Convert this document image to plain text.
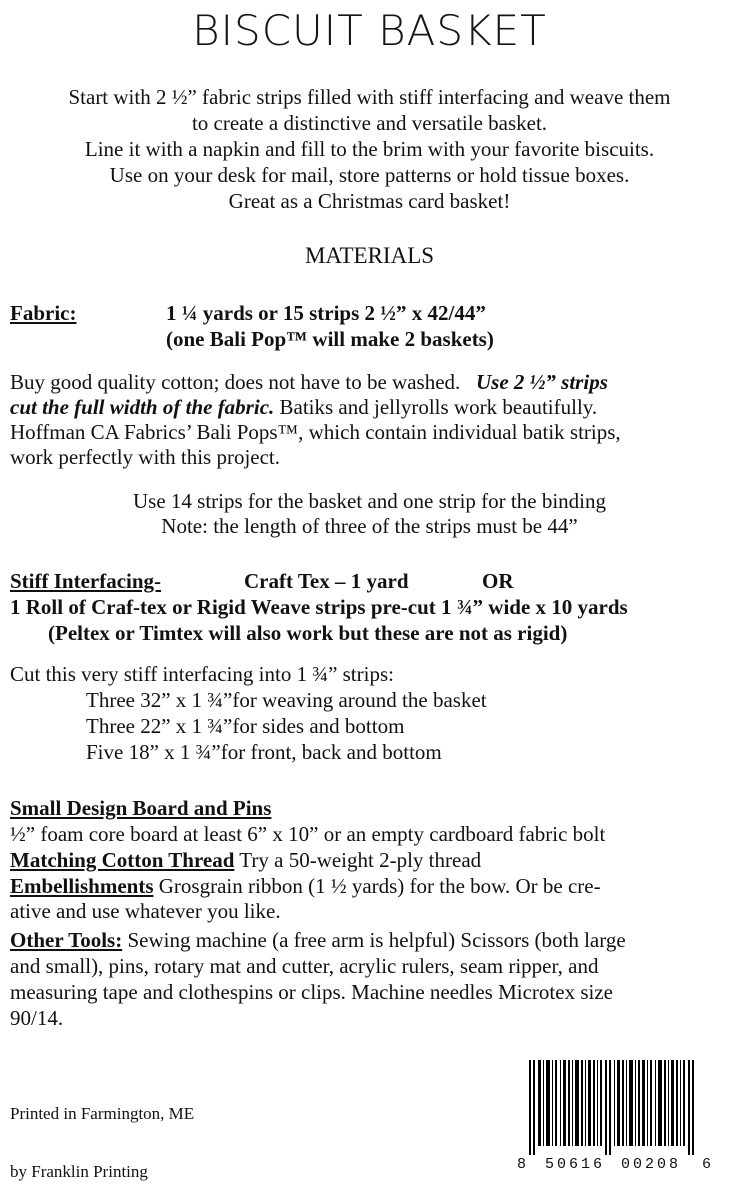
BISCUIT BASKET
Start with 2 ½” fabric strips filled with stiff interfacing and weave them
to create a distinctive and versatile basket.
Line it with a napkin and fill to the brim with your favorite biscuits.
Use on your desk for mail, store patterns or hold tissue boxes.
Great as a Christmas card basket!
MATERIALS
Fabric:	1 ¼ yards or 15 strips 2 ½” x 42/44”
(one Bali Pop™ will make 2 baskets)
Buy good quality cotton; does not have to be washed. Use 2 ½” strips
cut the full width of the fabric. Batiks and jellyrolls work beautifully.
Hoffman CA Fabrics’ Bali Pops™, which contain individual batik strips,
work perfectly with this project.
Use 14 strips for the basket and one strip for the binding
Note: the length of three of the strips must be 44”
Stiff Interfacing-	Craft Tex – 1 yard	OR
1 Roll of Craf-tex or Rigid Weave strips pre-cut 1 ¾” wide x 10 yards
(Peltex or Timtex will also work but these are not as rigid)
Cut this very stiff interfacing into 1 ¾” strips:
Three 32” x 1 ¾”for weaving around the basket
Three 22” x 1 ¾”for sides and bottom
Five 18” x 1 ¾”for front, back and bottom
Small Design Board and Pins
½” foam core board at least 6” x 10” or an empty cardboard fabric bolt
Matching Cotton Thread Try a 50-weight 2-ply thread
Embellishments Grosgrain ribbon (1 ½ yards) for the bow. Or be cre-
ative and use whatever you like.
Other Tools: Sewing machine (a free arm is helpful) Scissors (both large
and small), pins, rotary mat and cutter, acrylic rulers, seam ripper, and
measuring tape and clothespins or clips. Machine needles Microtex size
90/14.
Printed in Farmington, ME
by Franklin Printing	8 50616 00208 6
